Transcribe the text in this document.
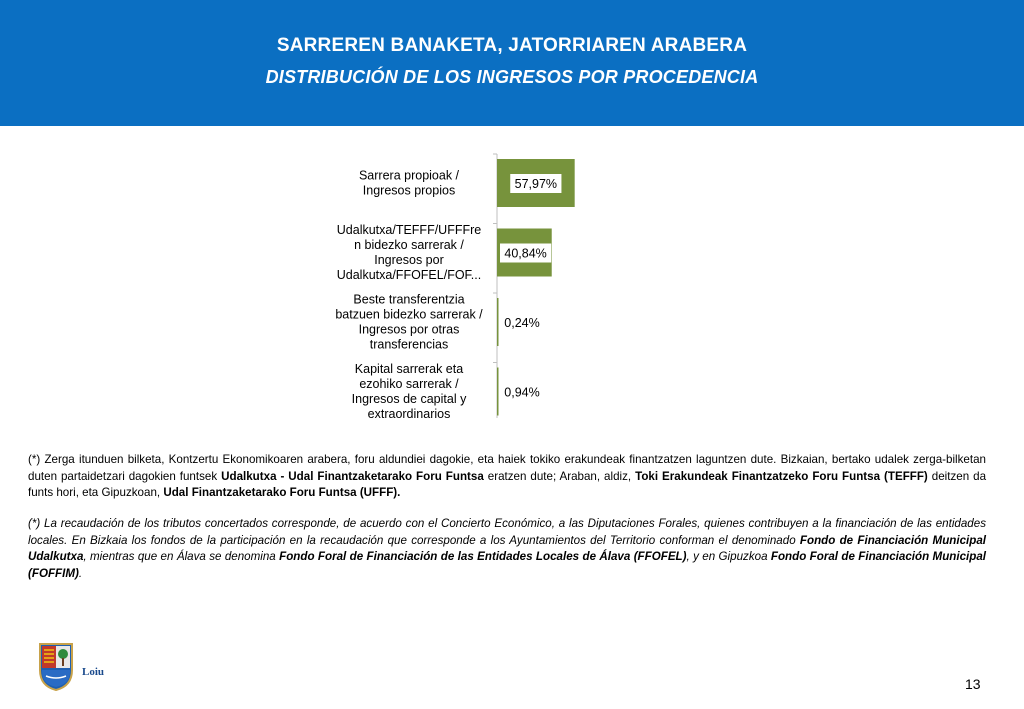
SARREREN BANAKETA, JATORRIAREN ARABERA
DISTRIBUCIÓN DE LOS INGRESOS POR PROCEDENCIA
57,97%
Sarrera propioak / Ingresos propios
40,84%
Udalkutxa/TEFFF/UFFFre n bidezko sarrerak / Ingresos por Udalkutxa/FFOFEL/FOF...
0,24%
Beste transferentzia batzuen bidezko sarrerak / Ingresos por otras transferencias
0,94%
Kapital sarrerak eta ezohiko sarrerak / Ingresos de capital y extraordinarios
(*) Zerga itunduen bilketa, Kontzertu Ekonomikoaren arabera, foru aldundiei dagokie, eta haiek tokiko erakundeak finantzatzen laguntzen dute. Bizkaian, bertako udalek zerga-bilketan duten partaidetzari dagokien funtsek Udalkutxa - Udal Finantzaketarako Foru Funtsa eratzen dute; Araban, aldiz, Toki Erakundeak Finantzatzeko Foru Funtsa (TEFFF) deitzen da funts hori, eta Gipuzkoan, Udal Finantzaketarako Foru Funtsa (UFFF).
(*) La recaudación de los tributos concertados corresponde, de acuerdo con el Concierto Económico, a las Diputaciones Forales, quienes contribuyen a la financiación de las entidades locales. En Bizkaia los fondos de la participación en la recaudación que corresponde a los Ayuntamientos del Territorio conforman el denominado Fondo de Financiación Municipal Udalkutxa, mientras que en Álava se denomina Fondo Foral de Financiación de las Entidades Locales de Álava (FFOFEL), y en Gipuzkoa Fondo Foral de Financiación Municipal (FOFFIM).
Loiu
13
